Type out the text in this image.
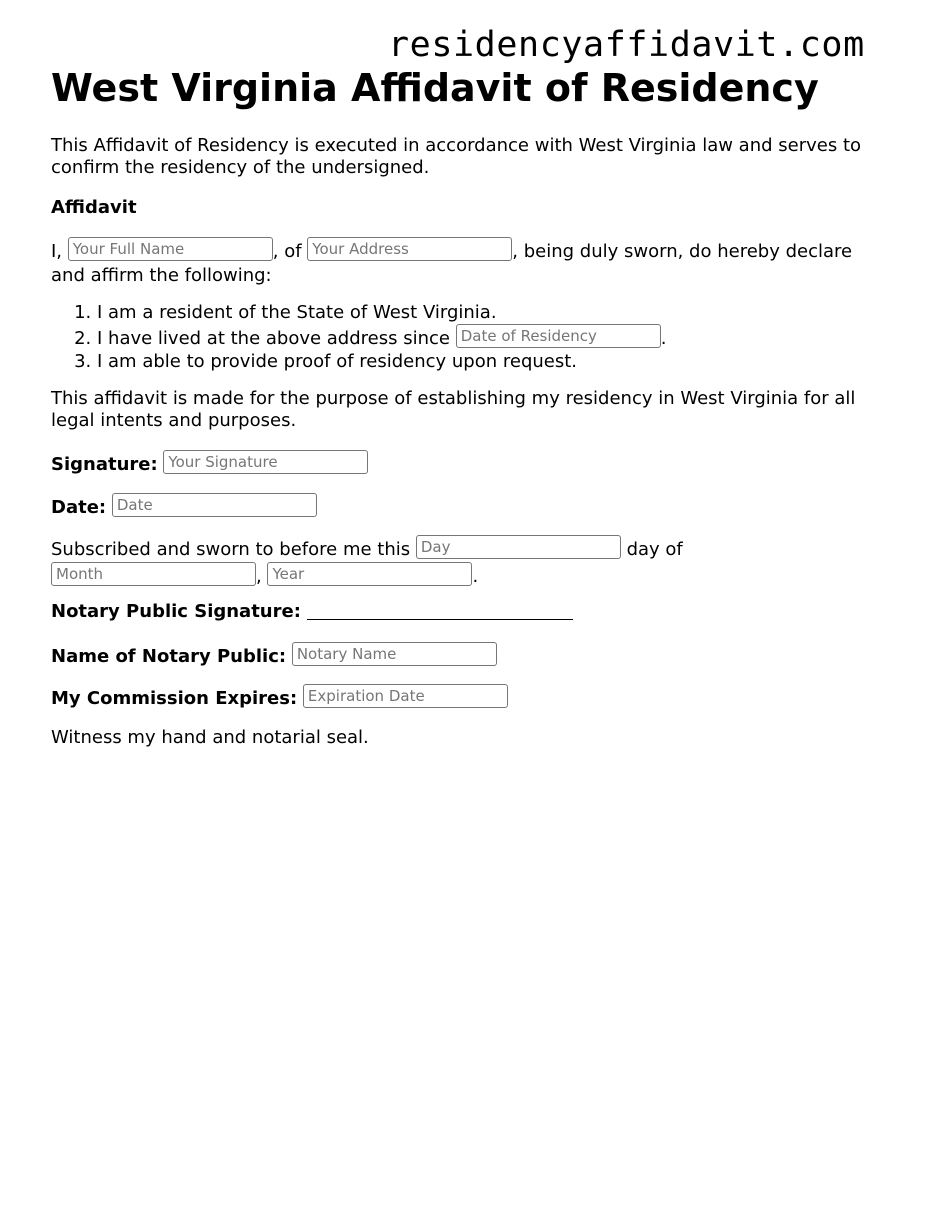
residencyaffidavit.com
West Virginia Affidavit of Residency
This Affidavit of Residency is executed in accordance with West Virginia law and serves to confirm the residency of the undersigned.
Affidavit
I, Your Full Name	, of Your Address	, being duly sworn, do hereby declare and affirm the following:
1. I am a resident of the State of West Virginia.
2. I have lived at the above address since Date of Residency	.
3. I am able to provide proof of residency upon request.
This affidavit is made for the purpose of establishing my residency in West Virginia for all legal intents and purposes.
Signature: Your Signature
Date: Date
Subscribed and sworn to before me this Day	day of
Month	, Year	.
Notary Public Signature:
Name of Notary Public: Notary Name
My Commission Expires: Expiration Date
Witness my hand and notarial seal.
